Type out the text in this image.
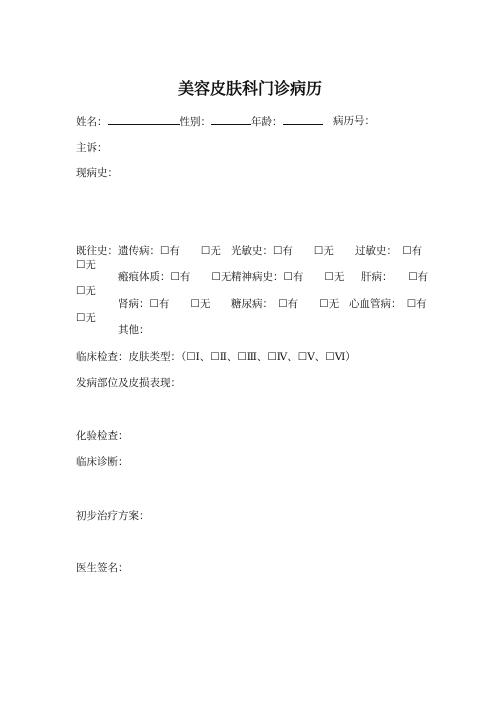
美容皮肤科门诊病历
姓名：	性别：	年龄：	病历号：
主诉：
现病史：
既往史： 遗传病：☐有　　☐无 光敏史：☐有　　☐无 过敏史：　☐有
☐无
瘢痕体质：☐有　　☐无 精神病史：☐有　　☐无 肝病：　　☐有
☐无
肾病：☐有　　☐无 糖尿病：　☐有　　☐无 心血管病：　☐有
☐无
其他：
临床检查：皮肤类型：（☐Ⅰ、☐Ⅱ、☐Ⅲ、☐Ⅳ、☐Ⅴ、☐Ⅵ）
发病部位及皮损表现：
化验检查：
临床诊断：
初步治疗方案：
医生签名：
